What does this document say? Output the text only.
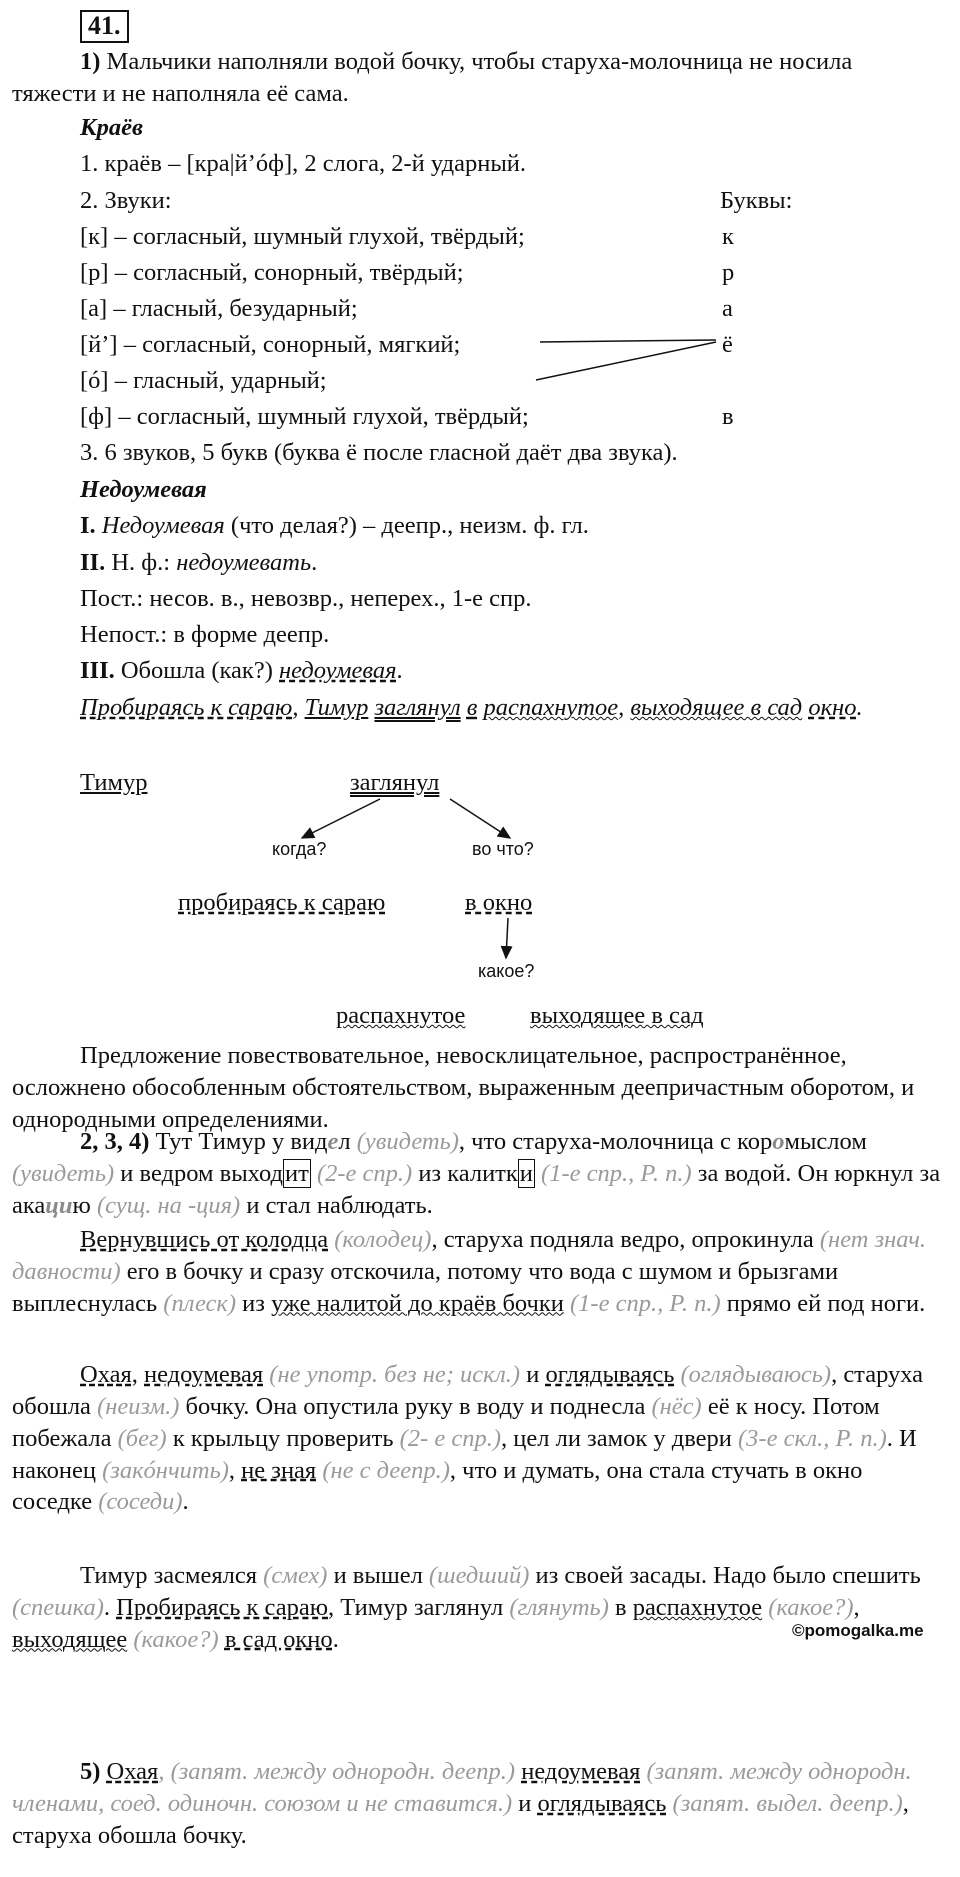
41.
1) Мальчики наполняли водой бочку, чтобы старуха-молочница не носила тяжести и не наполняла её сама.
Краёв
1. краёв – [кра|й’óф], 2 слога, 2-й ударный.
2. Звуки:	Буквы:
[к] – согласный, шумный глухой, твёрдый;	к
[р] – согласный, сонорный, твёрдый;	р
[а] – гласный, безударный;	а
[й’] – согласный, сонорный, мягкий;	ё
[ó] – гласный, ударный;
[ф] – согласный, шумный глухой, твёрдый;	в
3. 6 звуков, 5 букв (буква ё после гласной даёт два звука).
Недоумевая
I. Недоумевая (что делая?) – деепр., неизм. ф. гл.
II. Н. ф.: недоумевать.
Пост.: несов. в., невозвр., неперех., 1-е спр.
Непост.: в форме деепр.
III. Обошла (как?) недоумевая.
Пробираясь к сараю, Тимур заглянул в распахнутое, выходящее в сад окно.
Тимур	заглянул
когда?	во что?
пробираясь к сараю	в окно
какое?
распахнутое	выходящее в сад
Предложение повествовательное, невосклицательное, распространённое, осложнено обособленным обстоятельством, выраженным деепричастным оборотом, и однородными определениями.
2, 3, 4) Тут Тимур у видел (увидеть), что старуха-молочница с коромыслом (увидеть) и ведром выходит (2-е спр.) из калитки (1-е спр., Р. п.) за водой. Он юркнул за акацию (сущ. на -ция) и стал наблюдать.
Вернувшись от колодца (колодец), старуха подняла ведро, опрокинула (нет знач. давности) его в бочку и сразу отскочила, потому что вода с шумом и брызгами выплеснулась (плеск) из уже налитой до краёв бочки (1-е спр., Р. п.) прямо ей под ноги.
Охая, недоумевая (не употр. без не; искл.) и оглядываясь (оглядываюсь), старуха обошла (неизм.) бочку. Она опустила руку в воду и поднесла (нёс) её к носу. Потом побежала (бег) к крыльцу проверить (2- е спр.), цел ли замок у двери (3-е скл., Р. п.). И наконец (закóнчить), не зная (не с деепр.), что и думать, она стала стучать в окно соседке (соседи).
Тимур засмеялся (смех) и вышел (шедший) из своей засады. Надо было спешить (спешка). Пробираясь к сараю, Тимур заглянул (глянуть) в распахнутое (какое?), выходящее (какое?) в сад окно.	©pomogalka.me
5) Охая, (запят. между однородн. деепр.) недоумевая (запят. между однородн. членами, соед. одиночн. союзом и не ставится.) и оглядываясь (запят. выдел. деепр.), старуха обошла бочку.
